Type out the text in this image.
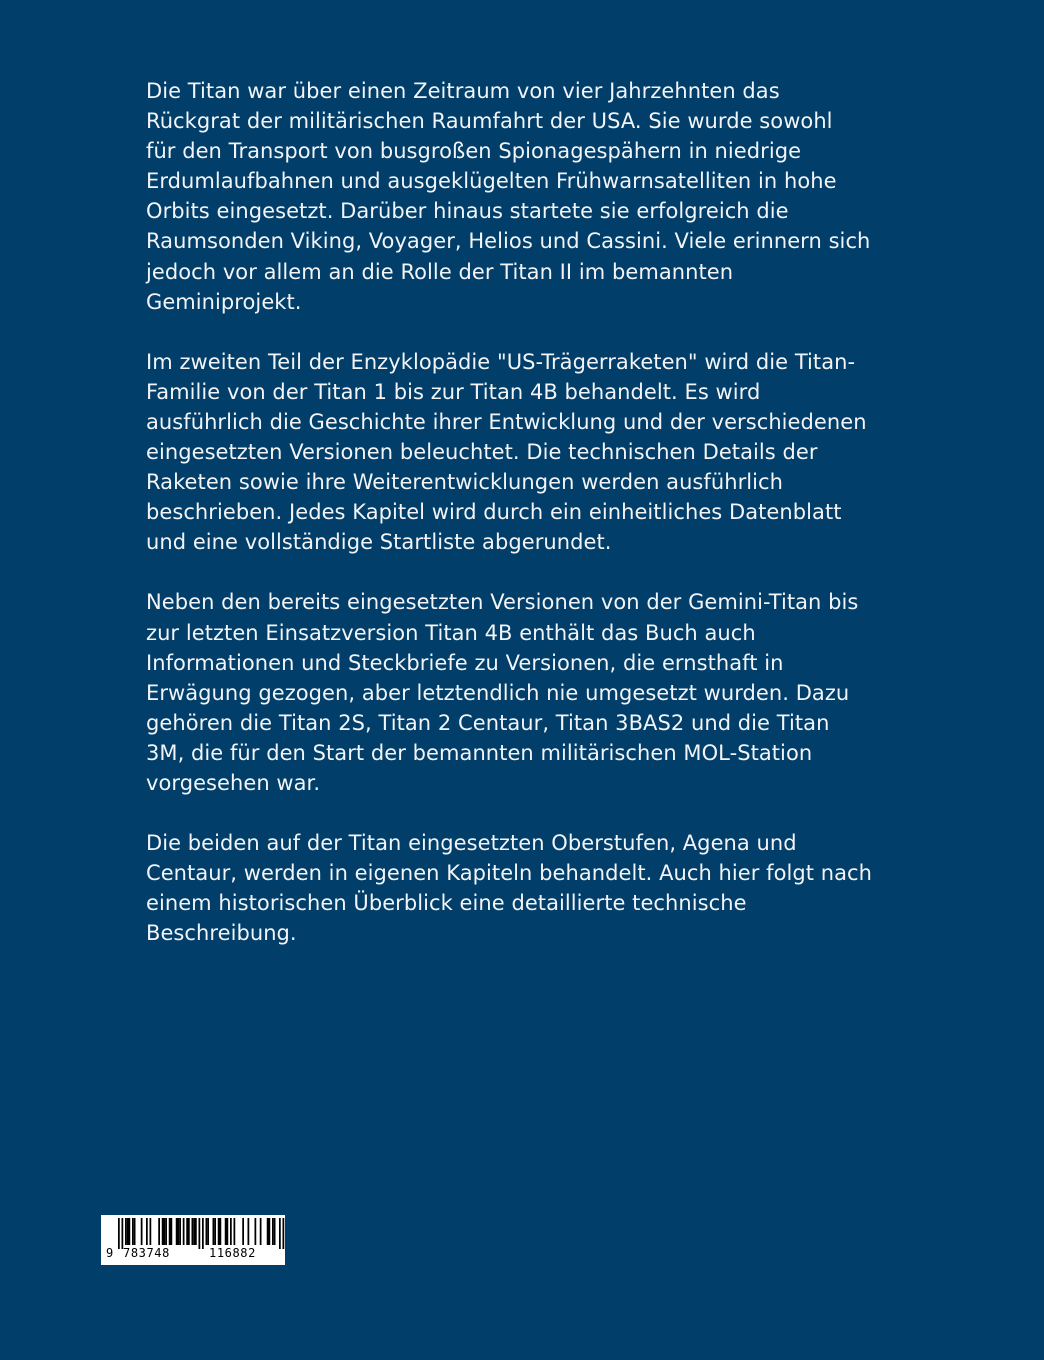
Die Titan war über einen Zeitraum von vier Jahrzehnten das
Rückgrat der militärischen Raumfahrt der USA. Sie wurde sowohl
für den Transport von busgroßen Spionagespähern in niedrige
Erdumlaufbahnen und ausgeklügelten Frühwarnsatelliten in hohe
Orbits eingesetzt. Darüber hinaus startete sie erfolgreich die
Raumsonden Viking, Voyager, Helios und Cassini. Viele erinnern sich
jedoch vor allem an die Rolle der Titan II im bemannten
Geminiprojekt.

Im zweiten Teil der Enzyklopädie "US-Trägerraketen" wird die Titan-
Familie von der Titan 1 bis zur Titan 4B behandelt. Es wird
ausführlich die Geschichte ihrer Entwicklung und der verschiedenen
eingesetzten Versionen beleuchtet. Die technischen Details der
Raketen sowie ihre Weiterentwicklungen werden ausführlich
beschrieben. Jedes Kapitel wird durch ein einheitliches Datenblatt
und eine vollständige Startliste abgerundet.

Neben den bereits eingesetzten Versionen von der Gemini-Titan bis
zur letzten Einsatzversion Titan 4B enthält das Buch auch
Informationen und Steckbriefe zu Versionen, die ernsthaft in
Erwägung gezogen, aber letztendlich nie umgesetzt wurden. Dazu
gehören die Titan 2S, Titan 2 Centaur, Titan 3BAS2 und die Titan
3M, die für den Start der bemannten militärischen MOL-Station
vorgesehen war.

Die beiden auf der Titan eingesetzten Oberstufen, Agena und
Centaur, werden in eigenen Kapiteln behandelt. Auch hier folgt nach
einem historischen Überblick eine detaillierte technische
Beschreibung.

9 783748	116882
